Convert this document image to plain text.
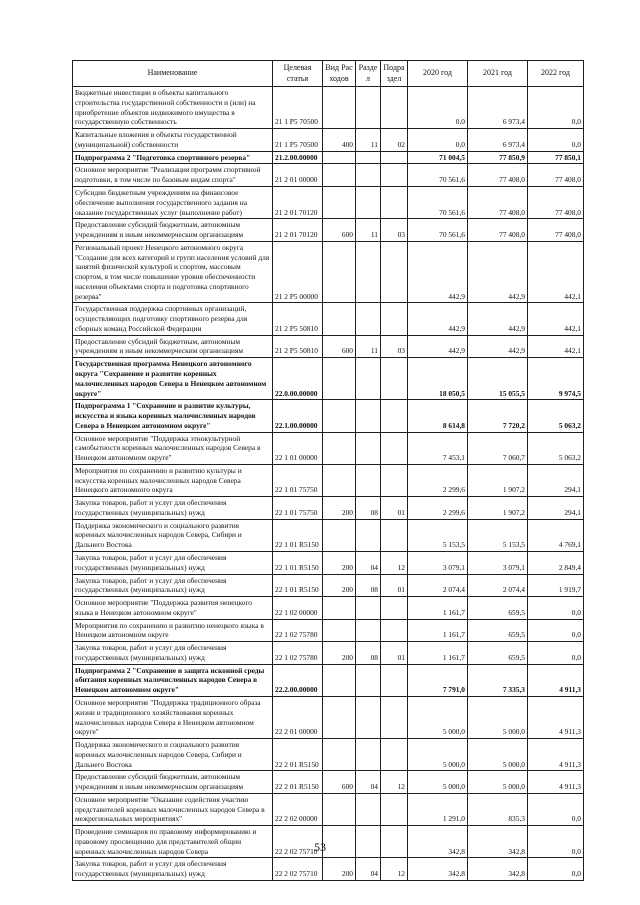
Наименование	Целевая статья	Вид Расходов	Раздел	Подраздел	2020 год	2021 год	2022 год
Бюджетные инвестиции в объекты капитального строительства государственной собственности и (или) на приобретение объектов недвижимого имущества в государственную собственность	21 1 P5 70500				0,0	6 973,4	0,0
Капитальные вложения в объекты государственной (муниципальной) собственности	21 1 P5 70500	400	11	02	0,0	6 973,4	0,0
Подпрограмма 2 "Подготовка спортивного резерва"	21.2.00.00000				71 004,5	77 850,9	77 850,1
Основное мероприятие "Реализация программ спортивной подготовки, в том числе по базовым видам спорта"	21 2 01 00000				70 561,6	77 408,0	77 408,0
Субсидии бюджетным учреждениям на финансовое обеспечение выполнения государственного задания на оказание государственных услуг (выполнение работ)	21 2 01 70120				70 561,6	77 408,0	77 408,0
Предоставление субсидий бюджетным, автономным учреждениям и иным некоммерческим организациям	21 2 01 70120	600	11	03	70 561,6	77 408,0	77 408,0
Региональный проект Ненецкого автономного округа "Создание для всех категорий и групп населения условий для занятий физической культурой и спортом, массовым спортом, в том числе повышение уровня обеспеченности населения объектами спорта и подготовка спортивного резерва"	21 2 P5 00000				442,9	442,9	442,1
Государственная поддержка спортивных организаций, осуществляющих подготовку спортивного резерва для сборных команд Российской Федерации	21 2 P5 50810				442,9	442,9	442,1
Предоставление субсидий бюджетным, автономным учреждениям и иным некоммерческим организациям	21 2 P5 50810	600	11	03	442,9	442,9	442,1
Государственная программа Ненецкого автономного округа "Сохранение и развитие коренных малочисленных народов Севера в Ненецком автономном округе"	22.0.00.00000				18 050,5	15 055,5	9 974,5
Подпрограмма 1 "Сохранение и развитие культуры, искусства и языка коренных малочисленных народов Севера в Ненецком автономном округе"	22.1.00.00000				8 614,8	7 720,2	5 063,2
Основное мероприятие "Поддержка этнокультурной самобытности коренных малочисленных народов Севера в Ненецком автономном округе"	22 1 01 00000				7 453,1	7 060,7	5 063,2
Мероприятия по сохранению и развитию культуры и искусства коренных малочисленных народов Севера Ненецкого автономного округа	22 1 01 75750				2 299,6	1 907,2	294,1
Закупка товаров, работ и услуг для обеспечения государственных (муниципальных) нужд	22 1 01 75750	200	08	01	2 299,6	1 907,2	294,1
Поддержка экономического и социального развития коренных малочисленных народов Севера, Сибири и Дальнего Востока	22 1 01 R5150				5 153,5	5 153,5	4 769,1
Закупка товаров, работ и услуг для обеспечения государственных (муниципальных) нужд	22 1 01 R5150	200	04	12	3 079,1	3 079,1	2 849,4
Закупка товаров, работ и услуг для обеспечения государственных (муниципальных) нужд	22 1 01 R5150	200	08	01	2 074,4	2 074,4	1 919,7
Основное мероприятие "Поддержка развития ненецкого языка в Ненецком автономном округе"	22 1 02 00000				1 161,7	659,5	0,0
Мероприятия по сохранению и развитию ненецкого языка в Ненецком автономном округе	22 1 02 75780				1 161,7	659,5	0,0
Закупка товаров, работ и услуг для обеспечения государственных (муниципальных) нужд	22 1 02 75780	200	08	01	1 161,7	659,5	0,0
Подпрограмма 2 "Сохранение и защита исконной среды обитания коренных малочисленных народов Севера в Ненецком автономном округе"	22.2.00.00000				7 791,0	7 335,3	4 911,3
Основное мероприятие "Поддержка традиционного образа жизни и традиционного хозяйствования коренных малочисленных народов Севера в Ненецком автономном округе"	22 2 01 00000				5 000,0	5 000,0	4 911,3
Поддержка экономического и социального развития коренных малочисленных народов Севера, Сибири и Дальнего Востока	22 2 01 R5150				5 000,0	5 000,0	4 911,3
Предоставление субсидий бюджетным, автономным учреждениям и иным некоммерческим организациям	22 2 01 R5150	600	04	12	5 000,0	5 000,0	4 911,3
Основное мероприятие "Оказание содействия участию представителей коренных малочисленных народов Севера в межрегиональных мероприятиях"	22 2 02 00000				1 291,0	835,3	0,0
Проведение семинаров по правовому информированию и правовому просвещению для представителей общин коренных малочисленных народов Севера	22 2 02 75710				342,8	342,8	0,0
Закупка товаров, работ и услуг для обеспечения государственных (муниципальных) нужд	22 2 02 75710	200	04	12	342,8	342,8	0,0
53
